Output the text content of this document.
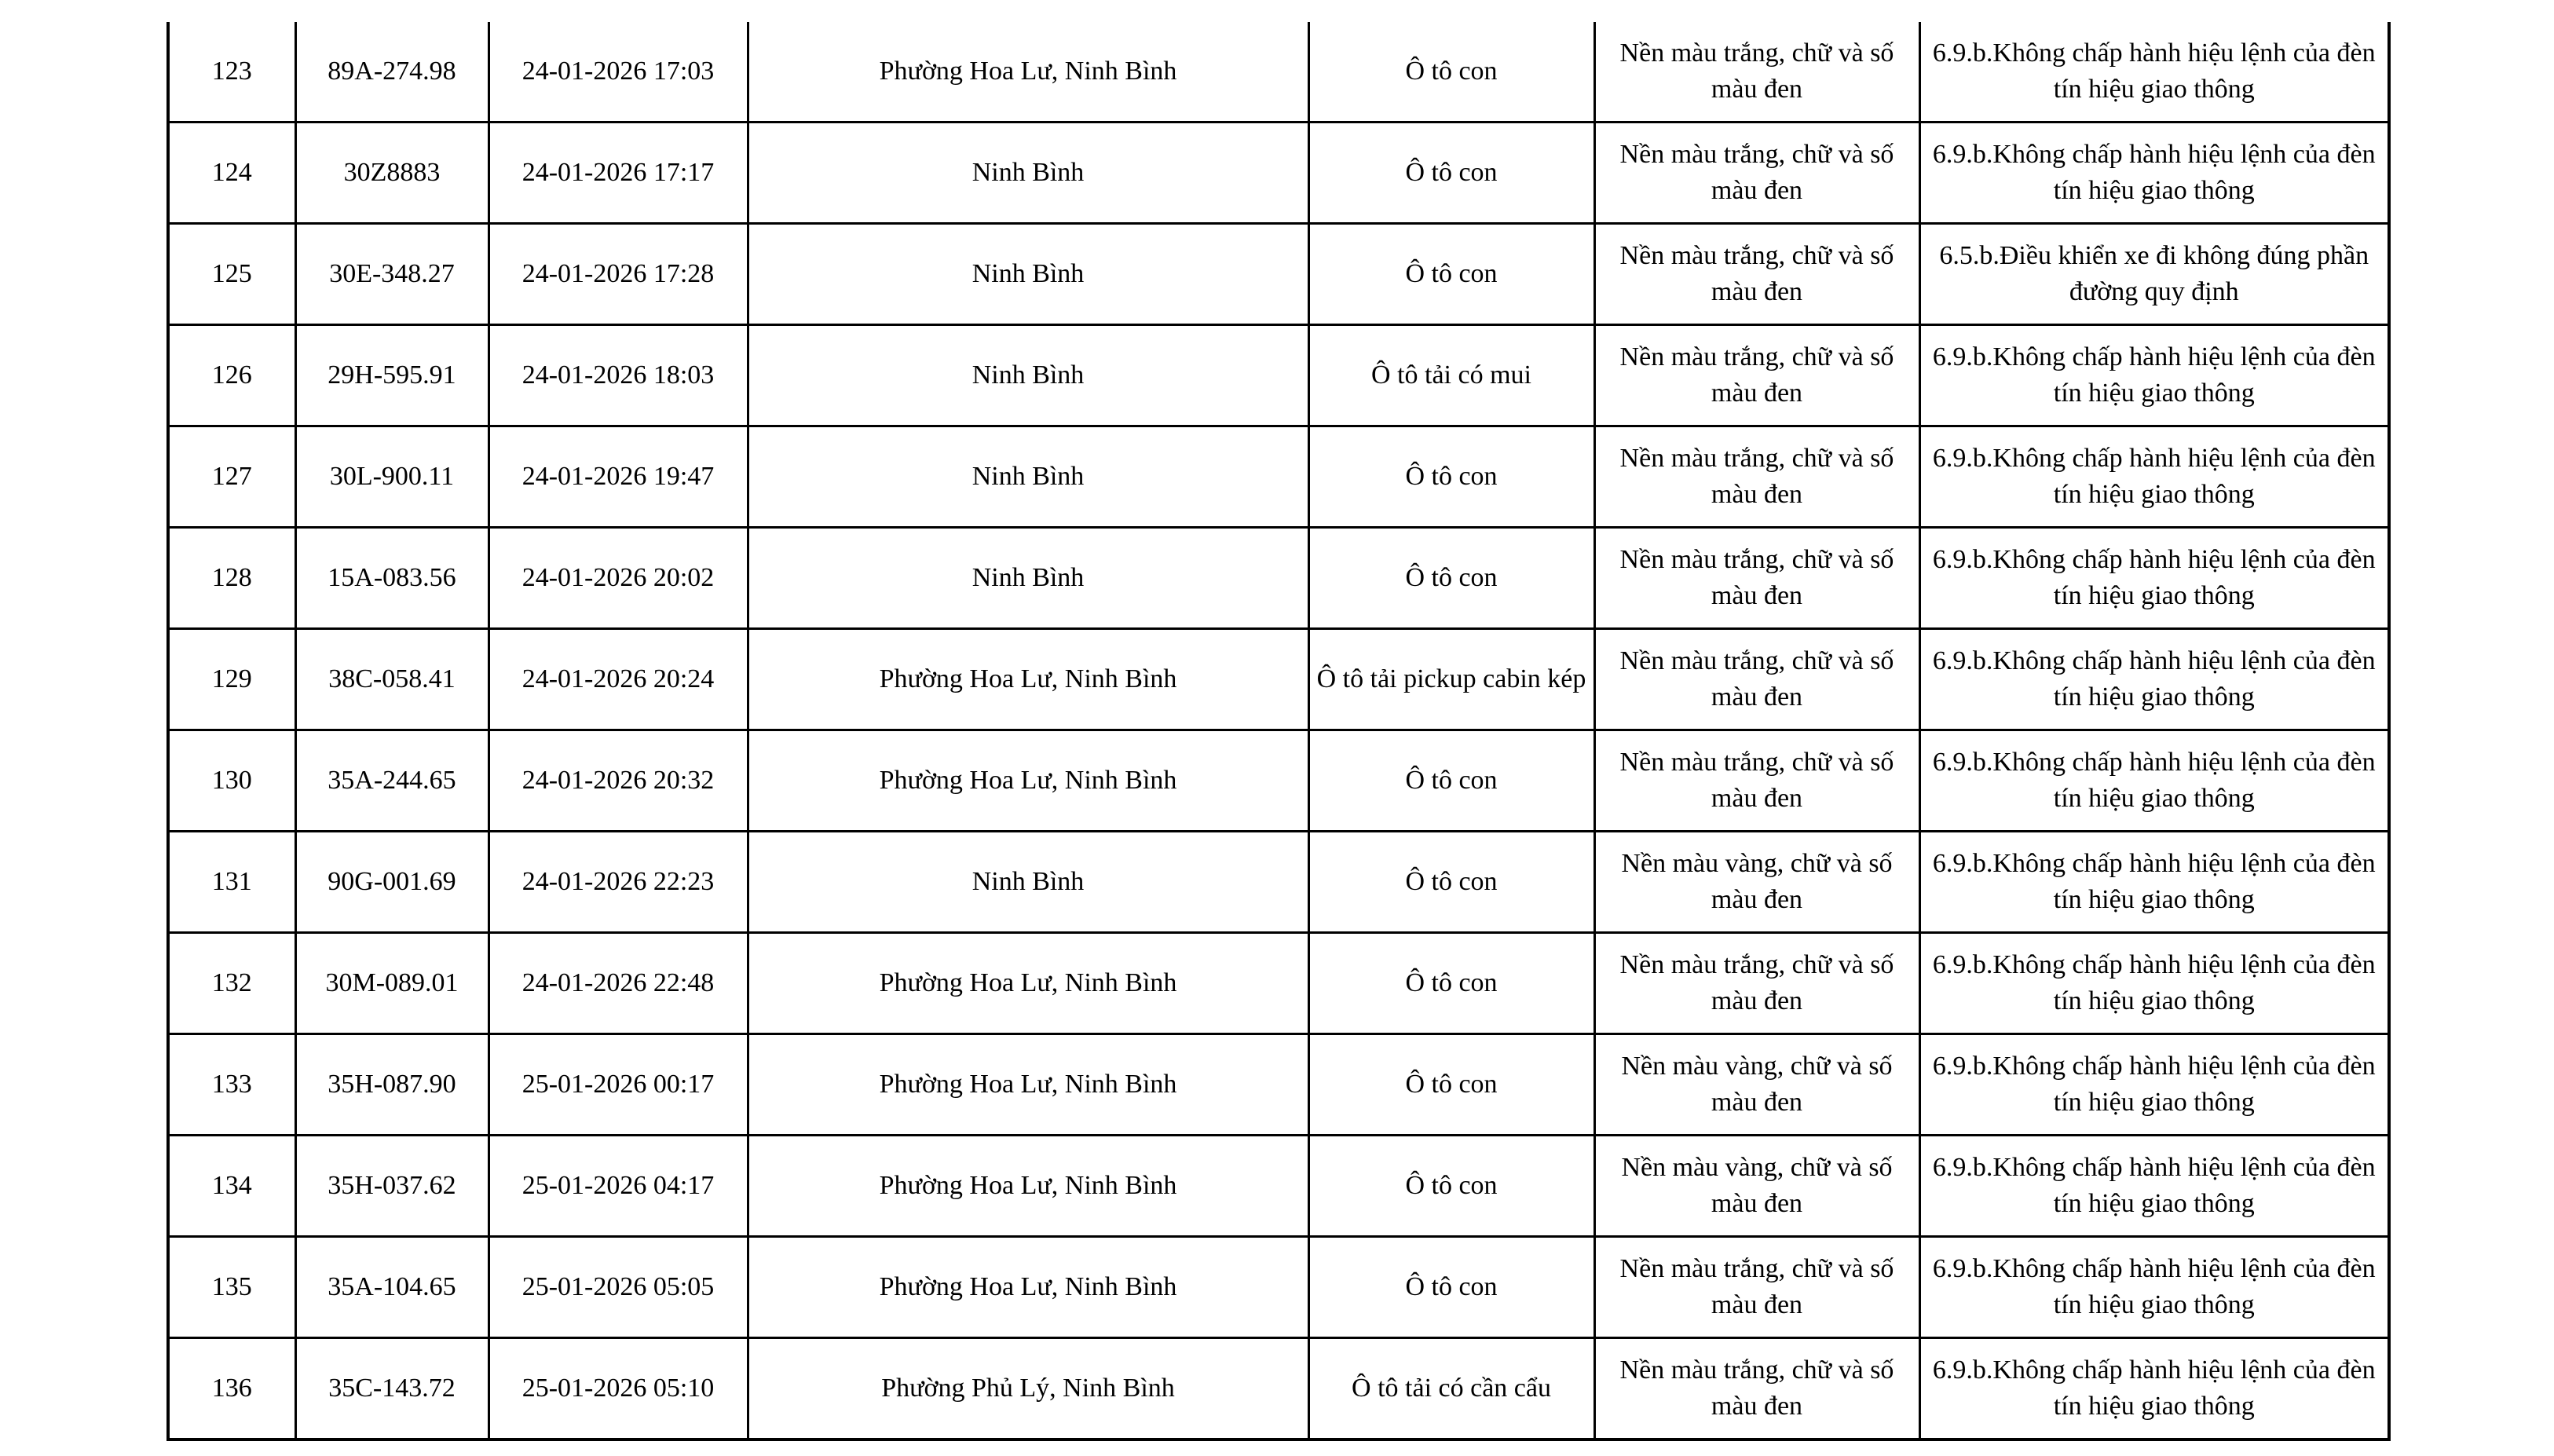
123	89A-274.98	24-01-2026 17:03	Phường Hoa Lư, Ninh Bình	Ô tô con	Nền màu trắng, chữ và số màu đen	6.9.b.Không chấp hành hiệu lệnh của đèn tín hiệu giao thông
124	30Z8883	24-01-2026 17:17	Ninh Bình	Ô tô con	Nền màu trắng, chữ và số màu đen	6.9.b.Không chấp hành hiệu lệnh của đèn tín hiệu giao thông
125	30E-348.27	24-01-2026 17:28	Ninh Bình	Ô tô con	Nền màu trắng, chữ và số màu đen	6.5.b.Điều khiển xe đi không đúng phần đường quy định
126	29H-595.91	24-01-2026 18:03	Ninh Bình	Ô tô tải có mui	Nền màu trắng, chữ và số màu đen	6.9.b.Không chấp hành hiệu lệnh của đèn tín hiệu giao thông
127	30L-900.11	24-01-2026 19:47	Ninh Bình	Ô tô con	Nền màu trắng, chữ và số màu đen	6.9.b.Không chấp hành hiệu lệnh của đèn tín hiệu giao thông
128	15A-083.56	24-01-2026 20:02	Ninh Bình	Ô tô con	Nền màu trắng, chữ và số màu đen	6.9.b.Không chấp hành hiệu lệnh của đèn tín hiệu giao thông
129	38C-058.41	24-01-2026 20:24	Phường Hoa Lư, Ninh Bình	Ô tô tải pickup cabin kép	Nền màu trắng, chữ và số màu đen	6.9.b.Không chấp hành hiệu lệnh của đèn tín hiệu giao thông
130	35A-244.65	24-01-2026 20:32	Phường Hoa Lư, Ninh Bình	Ô tô con	Nền màu trắng, chữ và số màu đen	6.9.b.Không chấp hành hiệu lệnh của đèn tín hiệu giao thông
131	90G-001.69	24-01-2026 22:23	Ninh Bình	Ô tô con	Nền màu vàng, chữ và số màu đen	6.9.b.Không chấp hành hiệu lệnh của đèn tín hiệu giao thông
132	30M-089.01	24-01-2026 22:48	Phường Hoa Lư, Ninh Bình	Ô tô con	Nền màu trắng, chữ và số màu đen	6.9.b.Không chấp hành hiệu lệnh của đèn tín hiệu giao thông
133	35H-087.90	25-01-2026 00:17	Phường Hoa Lư, Ninh Bình	Ô tô con	Nền màu vàng, chữ và số màu đen	6.9.b.Không chấp hành hiệu lệnh của đèn tín hiệu giao thông
134	35H-037.62	25-01-2026 04:17	Phường Hoa Lư, Ninh Bình	Ô tô con	Nền màu vàng, chữ và số màu đen	6.9.b.Không chấp hành hiệu lệnh của đèn tín hiệu giao thông
135	35A-104.65	25-01-2026 05:05	Phường Hoa Lư, Ninh Bình	Ô tô con	Nền màu trắng, chữ và số màu đen	6.9.b.Không chấp hành hiệu lệnh của đèn tín hiệu giao thông
136	35C-143.72	25-01-2026 05:10	Phường Phủ Lý, Ninh Bình	Ô tô tải có cần cẩu	Nền màu trắng, chữ và số màu đen	6.9.b.Không chấp hành hiệu lệnh của đèn tín hiệu giao thông
